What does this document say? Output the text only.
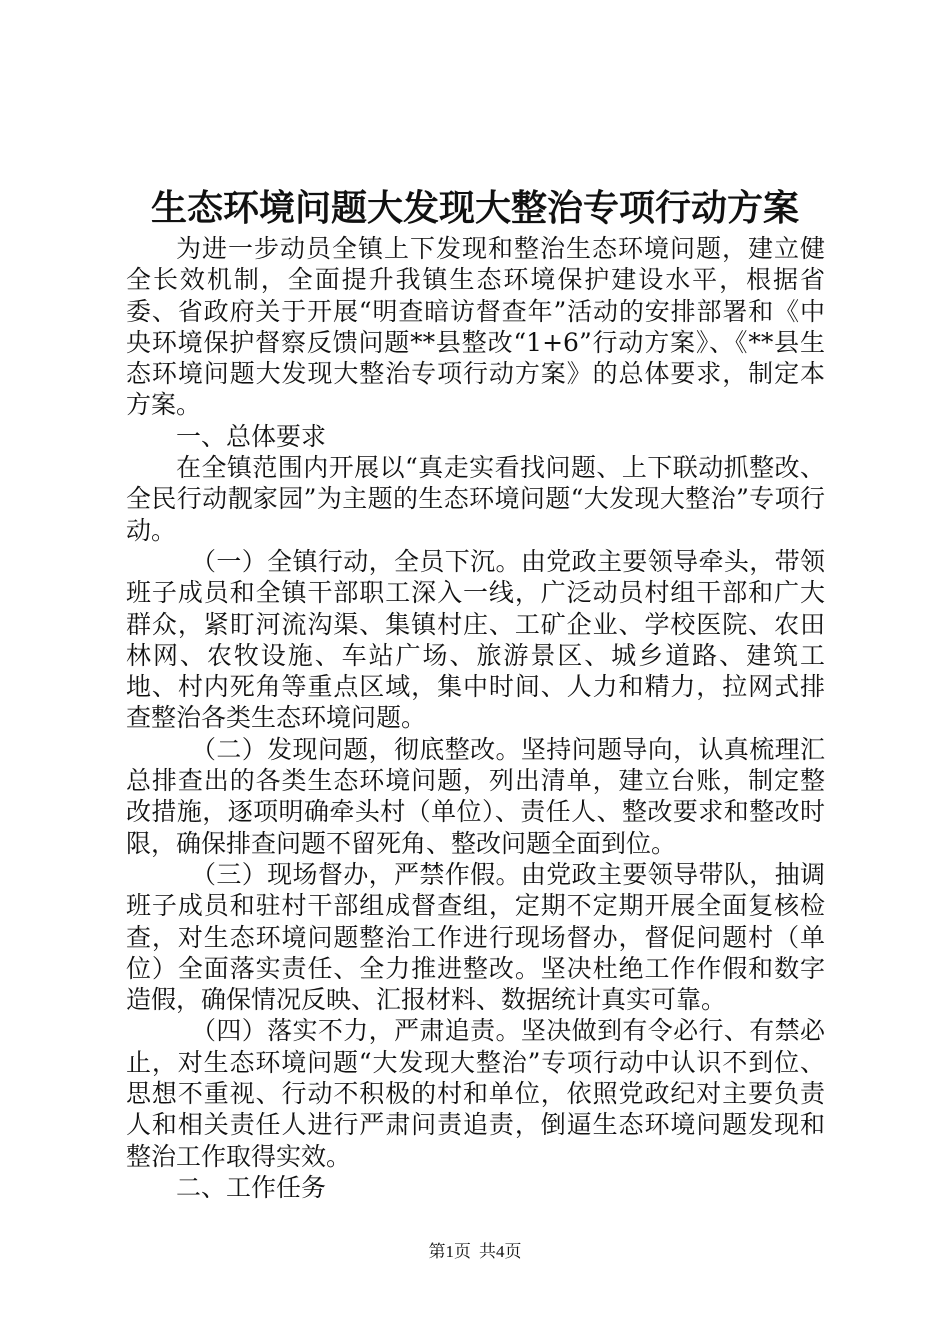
生态环境问题大发现大整治专项行动方案

为进一步动员全镇上下发现和整治生态环境问题，建立健全长效机制，全面提升我镇生态环境保护建设水平，根据省委、省政府关于开展“明查暗访督查年”活动的安排部署和《中央环境保护督察反馈问题**县整改“1+6”行动方案》、《**县生态环境问题大发现大整治专项行动方案》的总体要求，制定本方案。

一、总体要求

在全镇范围内开展以“真走实看找问题、上下联动抓整改、全民行动靓家园”为主题的生态环境问题“大发现大整治”专项行动。

（一）全镇行动，全员下沉。由党政主要领导牵头，带领班子成员和全镇干部职工深入一线，广泛动员村组干部和广大群众，紧盯河流沟渠、集镇村庄、工矿企业、学校医院、农田林网、农牧设施、车站广场、旅游景区、城乡道路、建筑工地、村内死角等重点区域，集中时间、人力和精力，拉网式排查整治各类生态环境问题。

（二）发现问题，彻底整改。坚持问题导向，认真梳理汇总排查出的各类生态环境问题，列出清单，建立台账，制定整改措施，逐项明确牵头村（单位）、责任人、整改要求和整改时限，确保排查问题不留死角、整改问题全面到位。

（三）现场督办，严禁作假。由党政主要领导带队，抽调班子成员和驻村干部组成督查组，定期不定期开展全面复核检查，对生态环境问题整治工作进行现场督办，督促问题村（单位）全面落实责任、全力推进整改。坚决杜绝工作作假和数字造假，确保情况反映、汇报材料、数据统计真实可靠。

（四）落实不力，严肃追责。坚决做到有令必行、有禁必止，对生态环境问题“大发现大整治”专项行动中认识不到位、思想不重视、行动不积极的村和单位，依照党政纪对主要负责人和相关责任人进行严肃问责追责，倒逼生态环境问题发现和整治工作取得实效。

二、工作任务

第1页 共4页
